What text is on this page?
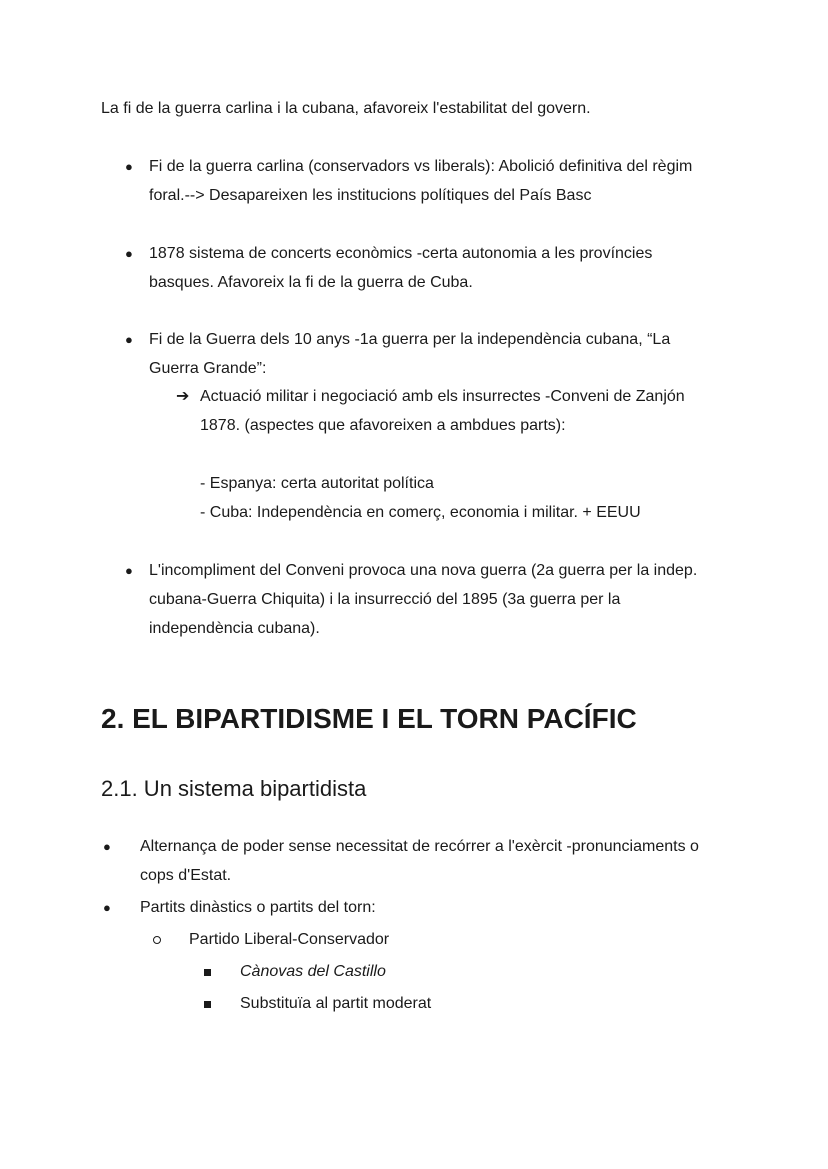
La fi de la guerra carlina i la cubana, afavoreix l'estabilitat del govern.
● Fi de la guerra carlina (conservadors vs liberals): Abolició definitiva del règim
foral.--> Desapareixen les institucions polítiques del País Basc
● 1878 sistema de concerts econòmics -certa autonomia a les províncies
basques. Afavoreix la fi de la guerra de Cuba.
● Fi de la Guerra dels 10 anys -1a guerra per la independència cubana, “La
Guerra Grande”:
➔ Actuació militar i negociació amb els insurrectes -Conveni de Zanjón
1878. (aspectes que afavoreixen a ambdues parts):
- Espanya: certa autoritat política
- Cuba: Independència en comerç, economia i militar. + EEUU
● L'incompliment del Conveni provoca una nova guerra (2a guerra per la indep.
cubana-Guerra Chiquita) i la insurrecció del 1895 (3a guerra per la
independència cubana).
2. EL BIPARTIDISME I EL TORN PACÍFIC
2.1. Un sistema bipartidista
● Alternança de poder sense necessitat de recórrer a l'exèrcit -pronunciaments o
cops d'Estat.
● Partits dinàstics o partits del torn:
Partido Liberal-Conservador
Cànovas del Castillo
Substituïa al partit moderat
